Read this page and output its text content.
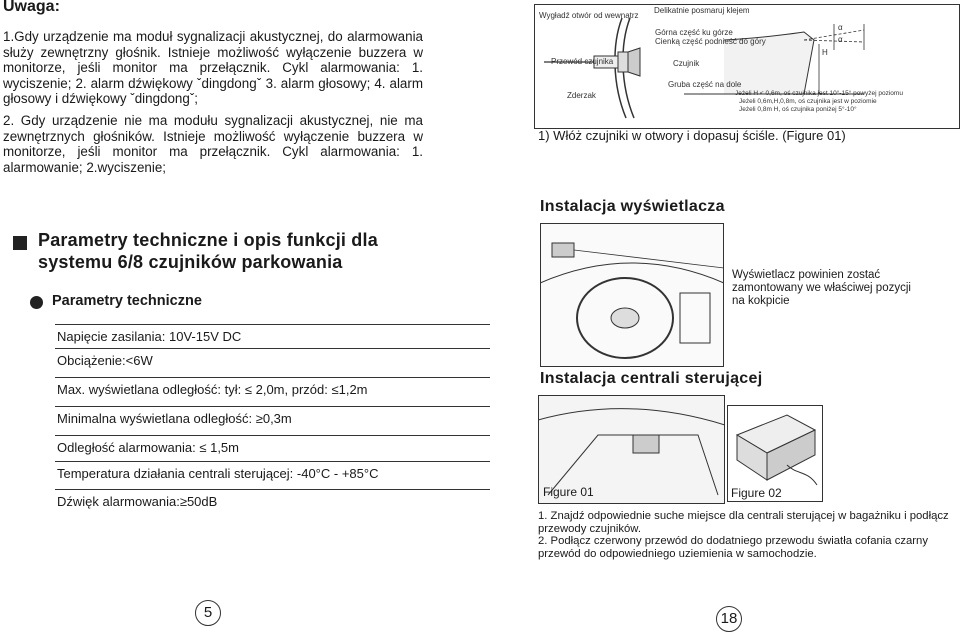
Uwaga:
1.Gdy urządzenie ma moduł sygnalizacji akustycznej, do alarmowania służy zewnętrzny głośnik. Istnieje możliwość wyłączenie buzzera w monitorze, jeśli monitor ma przełącznik. Cykl alarmowania: 1. wyciszenie; 2. alarm dźwiękowy ˇdingdongˇ 3. alarm głosowy; 4. alarm głosowy i dźwiękowy ˇdingdongˇ;
2. Gdy urządzenie nie ma modułu sygnalizacji akustycznej, nie ma zewnętrznych głośników. Istnieje możliwość wyłączenie buzzera w monitorze, jeśli monitor ma przełącznik. Cykl alarmowania: 1. alarmowanie; 2.wyciszenie;
Parametry techniczne i opis funkcji dla
systemu 6/8 czujników parkowania
Parametry techniczne
Napięcie zasilania: 10V-15V DC
Obciążenie:<6W
Max. wyświetlana odległość: tył: ≤ 2,0m, przód: ≤1,2m
Minimalna wyświetlana odległość: ≥0,3m
Odległość alarmowania: ≤ 1,5m
Temperatura działania centrali sterującej: -40°C - +85°C
Dźwięk alarmowania:≥50dB
5
Wygładź otwór od wewnątrz
Delikatnie posmaruj klejem
Górna część ku górze
Cienką część podnieść do góry
Przewód czujnika	Czujnik
Gruba część na dole
Zderzak
H
α
α
Jeżeli H < 0,6m, oś czujnika jest 10°-15° powyżej poziomu
Jeżeli 0,6m,H,0,8m, oś czujnika jest w poziomie
Jeżeli 0,8m H, oś czujnika poniżej 5°-10°
1) Włóż czujniki w otwory i dopasuj ściśle. (Figure 01)
Instalacja wyświetlacza
Wyświetlacz powinien zostać zamontowany we właściwej pozycji na kokpicie
Instalacja centrali sterującej
Figure 01	Figure 02
1. Znajdź odpowiednie suche miejsce dla centrali sterującej w bagażniku i podłącz przewody czujników.
2. Podłącz czerwony przewód do dodatniego przewodu światła cofania czarny przewód do odpowiedniego uziemienia w samochodzie.
18
